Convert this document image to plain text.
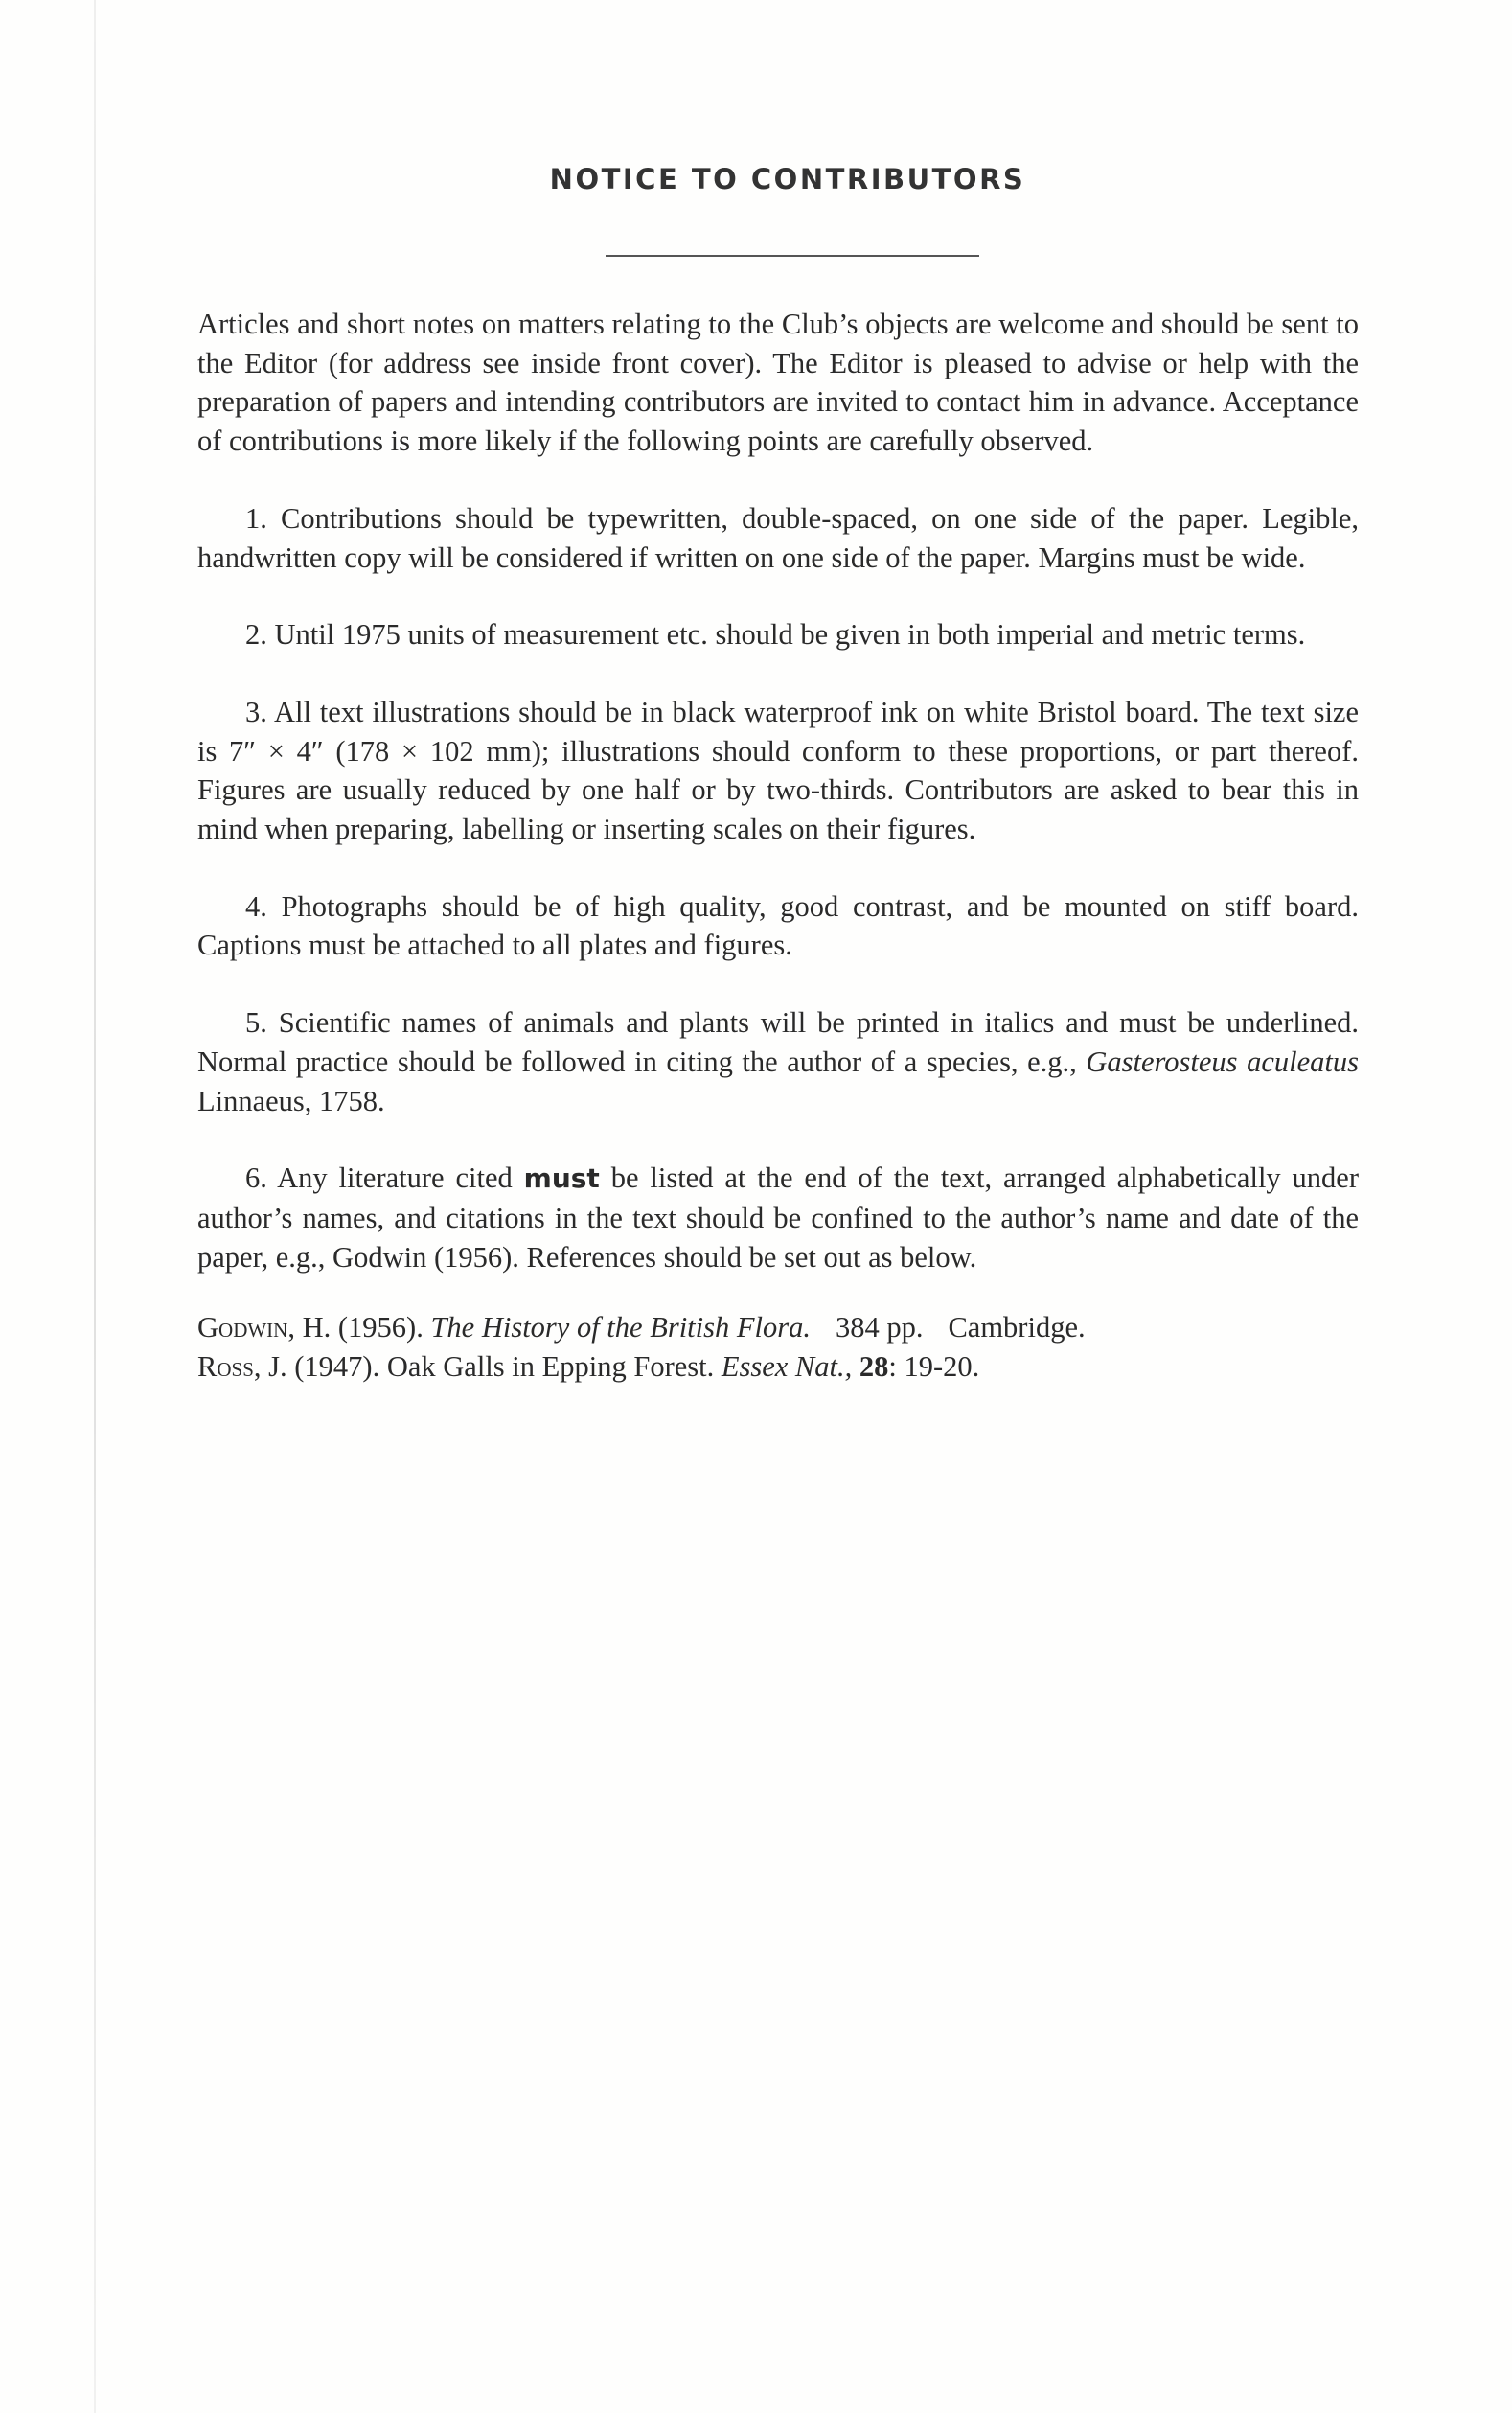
NOTICE TO CONTRIBUTORS

Articles and short notes on matters relating to the Club’s objects are welcome and should be sent to the Editor (for address see inside front cover). The Editor is pleased to advise or help with the preparation of papers and intending contributors are invited to contact him in advance. Acceptance of contributions is more likely if the following points are carefully observed.

1. Contributions should be typewritten, double-spaced, on one side of the paper. Legible, handwritten copy will be considered if written on one side of the paper. Margins must be wide.

2. Until 1975 units of measurement etc. should be given in both imperial and metric terms.

3. All text illustrations should be in black waterproof ink on white Bristol board. The text size is 7″ × 4″ (178 × 102 mm); illustrations should conform to these proportions, or part thereof. Figures are usually reduced by one half or by two-thirds. Contributors are asked to bear this in mind when preparing, labelling or inserting scales on their figures.

4. Photographs should be of high quality, good contrast, and be mounted on stiff board. Captions must be attached to all plates and figures.

5. Scientific names of animals and plants will be printed in italics and must be underlined. Normal practice should be followed in citing the author of a species, e.g., Gasterosteus aculeatus Linnaeus, 1758.

6. Any literature cited must be listed at the end of the text, arranged alphabetically under author’s names, and citations in the text should be confined to the author’s name and date of the paper, e.g., Godwin (1956). References should be set out as below.

Godwin, H. (1956). The History of the British Flora. 384 pp. Cambridge.

Ross, J. (1947). Oak Galls in Epping Forest. Essex Nat., 28: 19-20.
